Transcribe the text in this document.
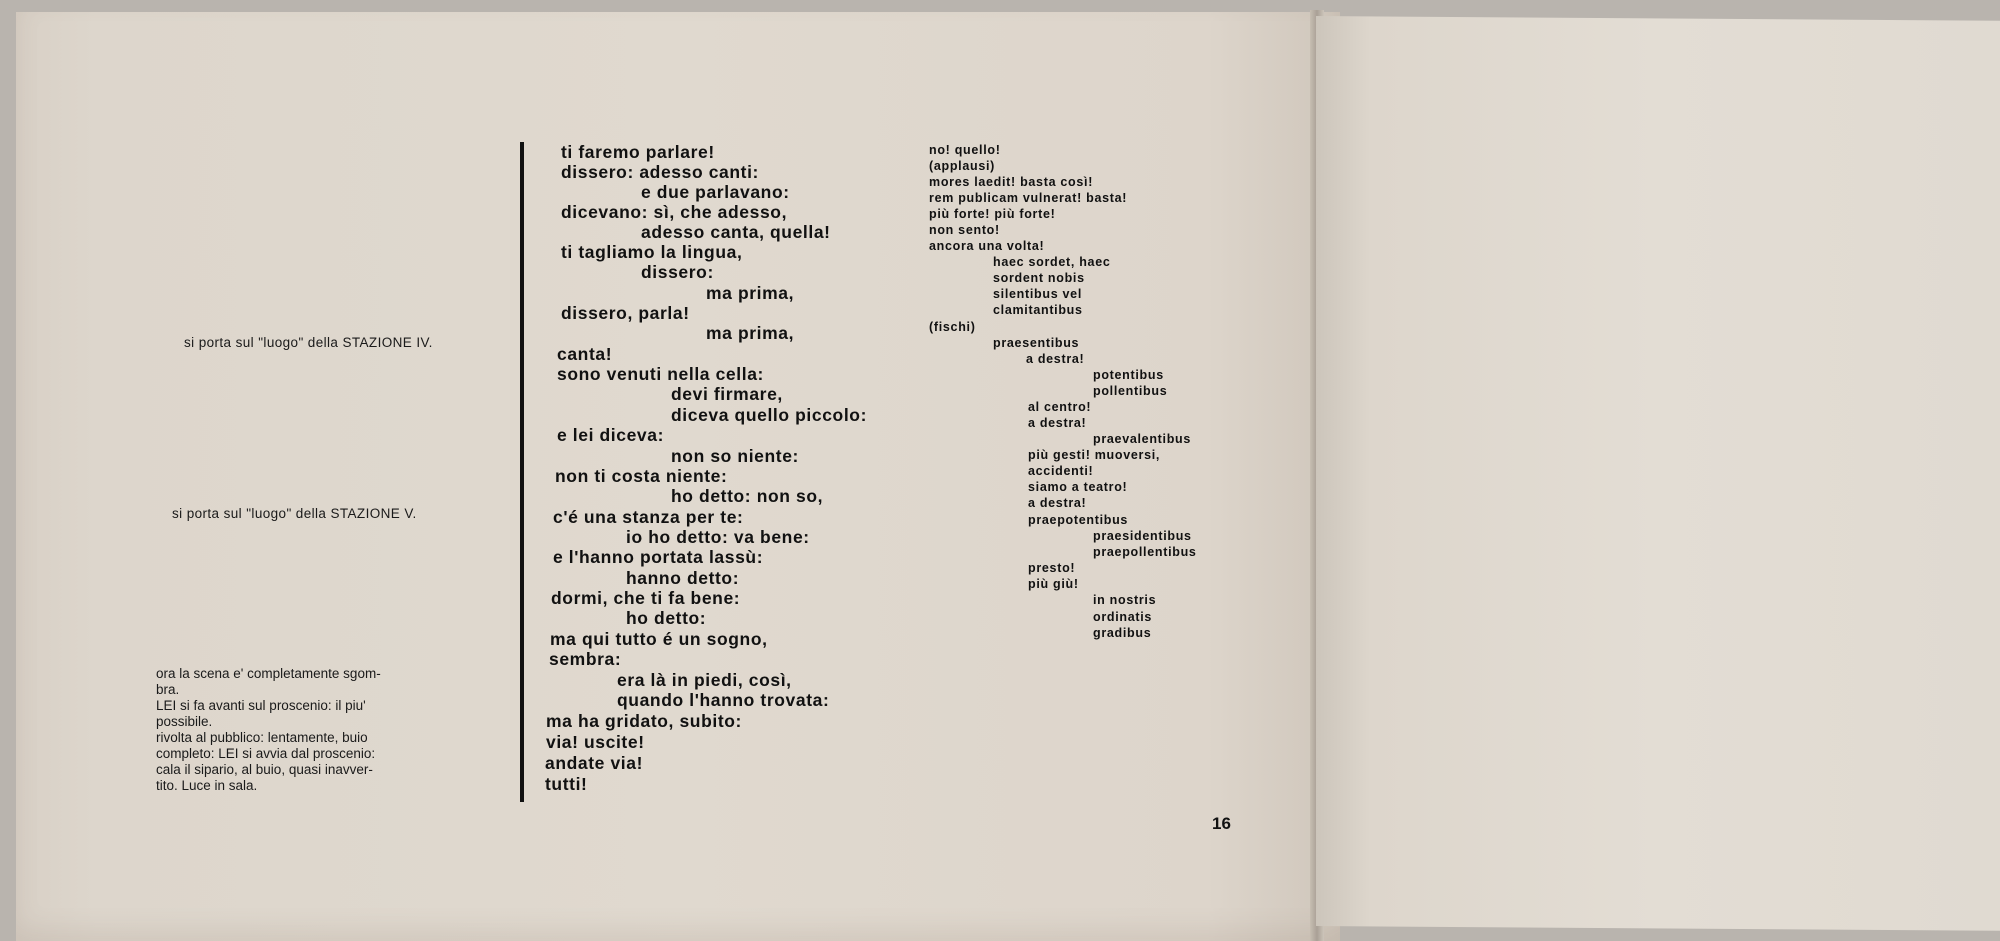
si porta sul "luogo" della STAZIONE IV.
si porta sul "luogo" della STAZIONE V.
ora la scena e' completamente sgom-
bra.
LEI si fa avanti sul proscenio: il piu'
possibile.
rivolta al pubblico: lentamente, buio
completo: LEI si avvia dal proscenio:
cala il sipario, al buio, quasi inavver-
tito. Luce in sala.
ti faremo parlare!
dissero: adesso canti:
e due parlavano:
dicevano: sì, che adesso,
adesso canta, quella!
ti tagliamo la lingua,
dissero:
ma prima,
dissero, parla!
ma prima,
canta!
sono venuti nella cella:
devi firmare,
diceva quello piccolo:
e lei diceva:
non so niente:
non ti costa niente:
ho detto: non so,
c'é una stanza per te:
io ho detto: va bene:
e l'hanno portata lassù:
hanno detto:
dormi, che ti fa bene:
ho detto:
ma qui tutto é un sogno,
sembra:
era là in piedi, così,
quando l'hanno trovata:
ma ha gridato, subito:
via! uscite!
andate via!
tutti!
no! quello!
(applausi)
mores laedit! basta così!
rem publicam vulnerat! basta!
più forte! più forte!
non sento!
ancora una volta!
haec sordet, haec
sordent nobis
silentibus vel
clamitantibus
(fischi)
praesentibus
a destra!
potentibus
pollentibus
al centro!
a destra!
praevalentibus
più gesti! muoversi,
accidenti!
siamo a teatro!
a destra!
praepotentibus
praesidentibus
praepollentibus
presto!
più giù!
in nostris
ordinatis
gradibus
16
